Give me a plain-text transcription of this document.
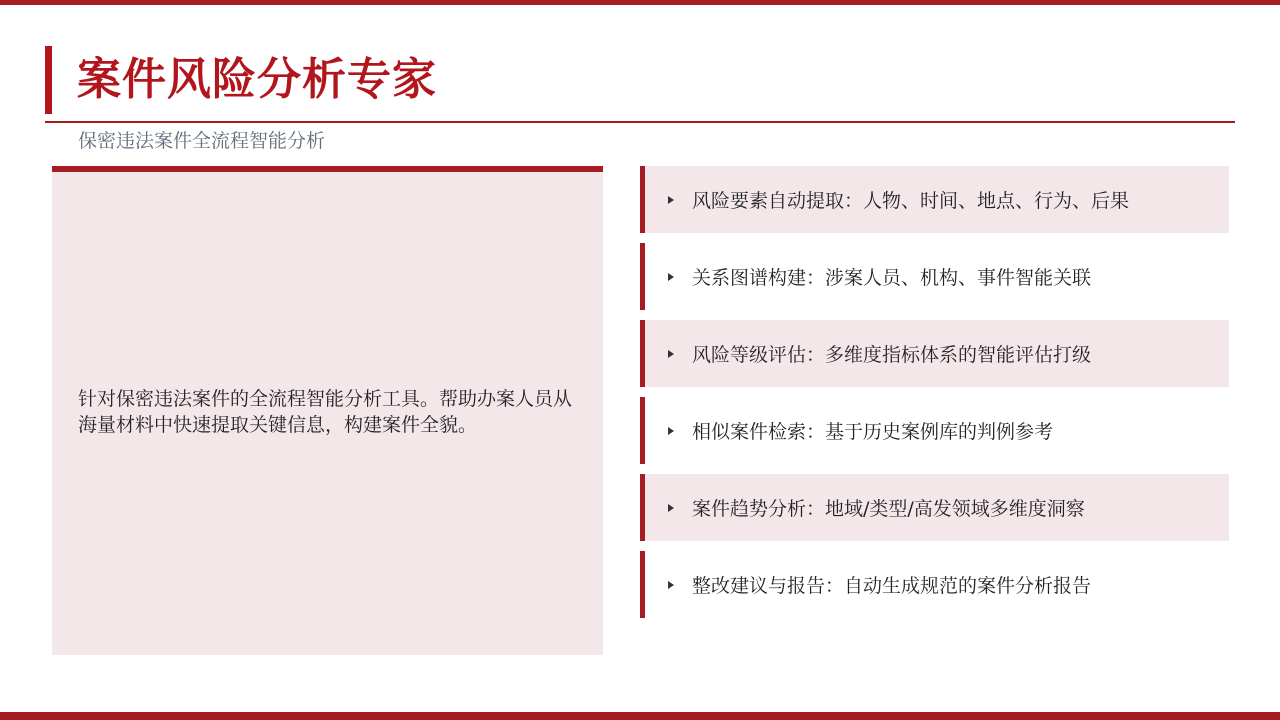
案件风险分析专家
保密违法案件全流程智能分析

针对保密违法案件的全流程智能分析工具。帮助办案人员从海量材料中快速提取关键信息，构建案件全貌。

风险要素自动提取：人物、时间、地点、行为、后果
关系图谱构建：涉案人员、机构、事件智能关联
风险等级评估：多维度指标体系的智能评估打级
相似案件检索：基于历史案例库的判例参考
案件趋势分析：地域/类型/高发领域多维度洞察
整改建议与报告：自动生成规范的案件分析报告
